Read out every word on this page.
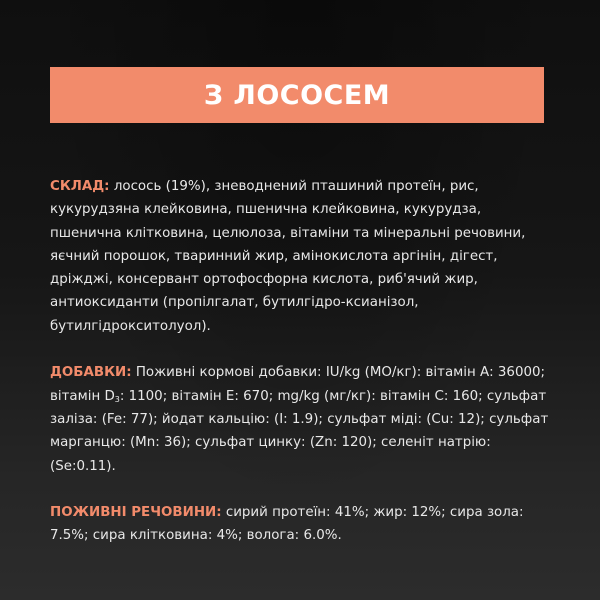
З ЛОСОСЕМ

СКЛАД: лосось (19%), зневоднений пташиний протеїн, рис, кукурудзяна клейковина, пшенична клейковина, кукурудза, пшенична клітковина, целюлоза, вітаміни та мінеральні речовини, яєчний порошок, тваринний жир, амінокислота аргінін, дігест, дріжджі, консервант ортофосфорна кислота, риб'ячий жир, антиоксиданти (пропілгалат, бутилгідро-ксианізол, бутилгідрокситолуол).

ДОБАВКИ: Поживні кормові добавки: IU/kg (МО/кг): вітамін А: 36000; вітамін $D_3$: 1100; вітамін Е: 670; mg/kg (мг/кг): вітамін С: 160; сульфат заліза: (Fe: 77); йодат кальцію: (I: 1.9); сульфат міді: (Cu: 12); сульфат марганцю: (Mn: 36); сульфат цинку: (Zn: 120); селеніт натрію: (Se:0.11).

ПОЖИВНІ РЕЧОВИНИ: сирий протеїн: 41%; жир: 12%; сира зола: 7.5%; сира клітковина: 4%; волога: 6.0%.
